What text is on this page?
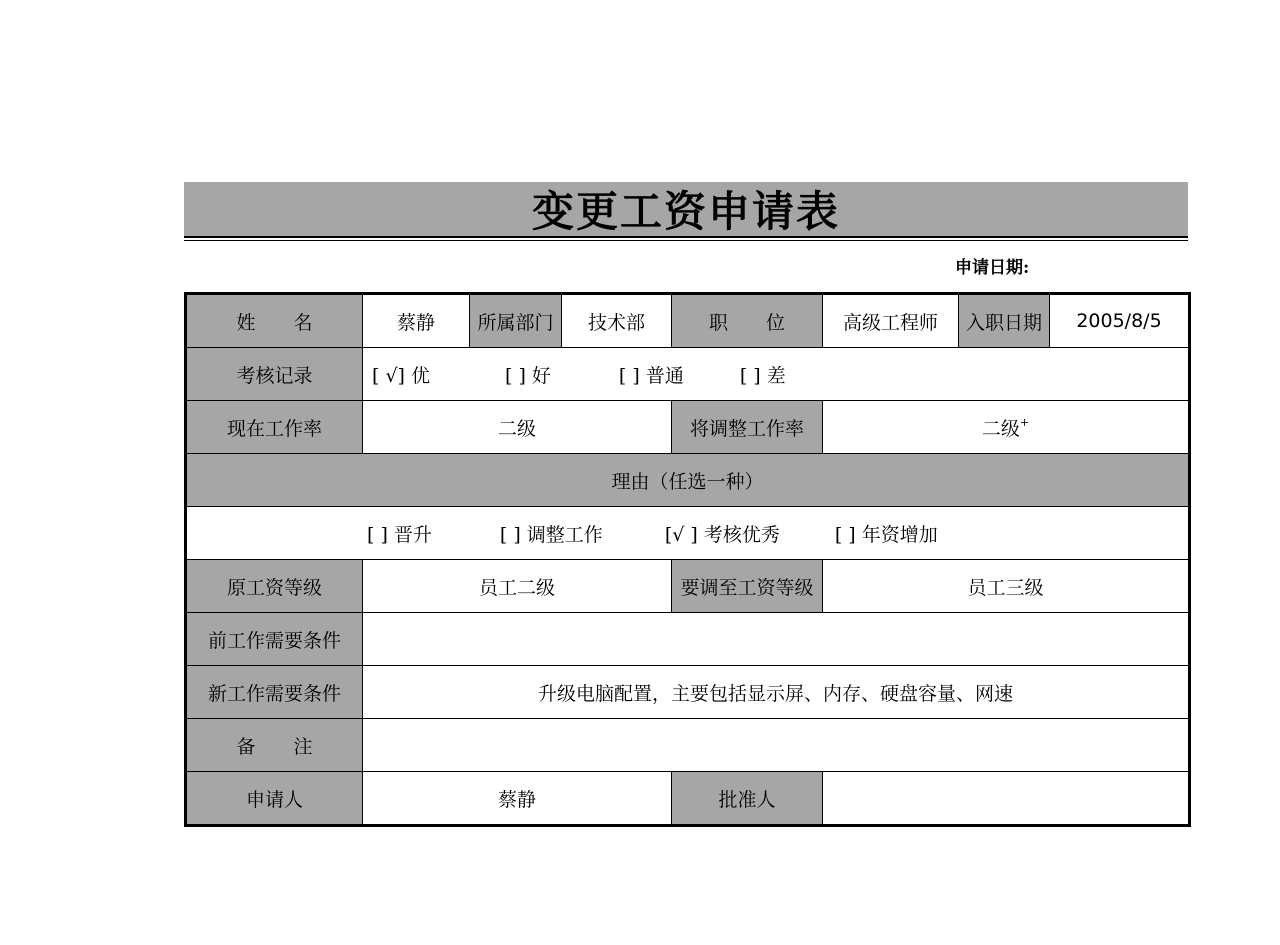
变更工资申请表
申请日期:
姓　　名	蔡静	所属部门	技术部	职　　位	高级工程师	入职日期	2005/8/5
考核记录	[ √] 优 [ ] 好 [ ] 普通 [ ] 差						

现在工作率	二级			将调整工作率	二级+
理由（任选一种）							

[ ] 晋升 [ ] 调整工作 [√ ] 考核优秀 [ ] 年资增加							

原工资等级	员工二级			要调至工资等级	员工三级		
前工作需要条件							
新工作需要条件	升级电脑配置，主要包括显示屏、内存、硬盘容量、网速						
备　　注							
申请人	蔡静			批准人			
